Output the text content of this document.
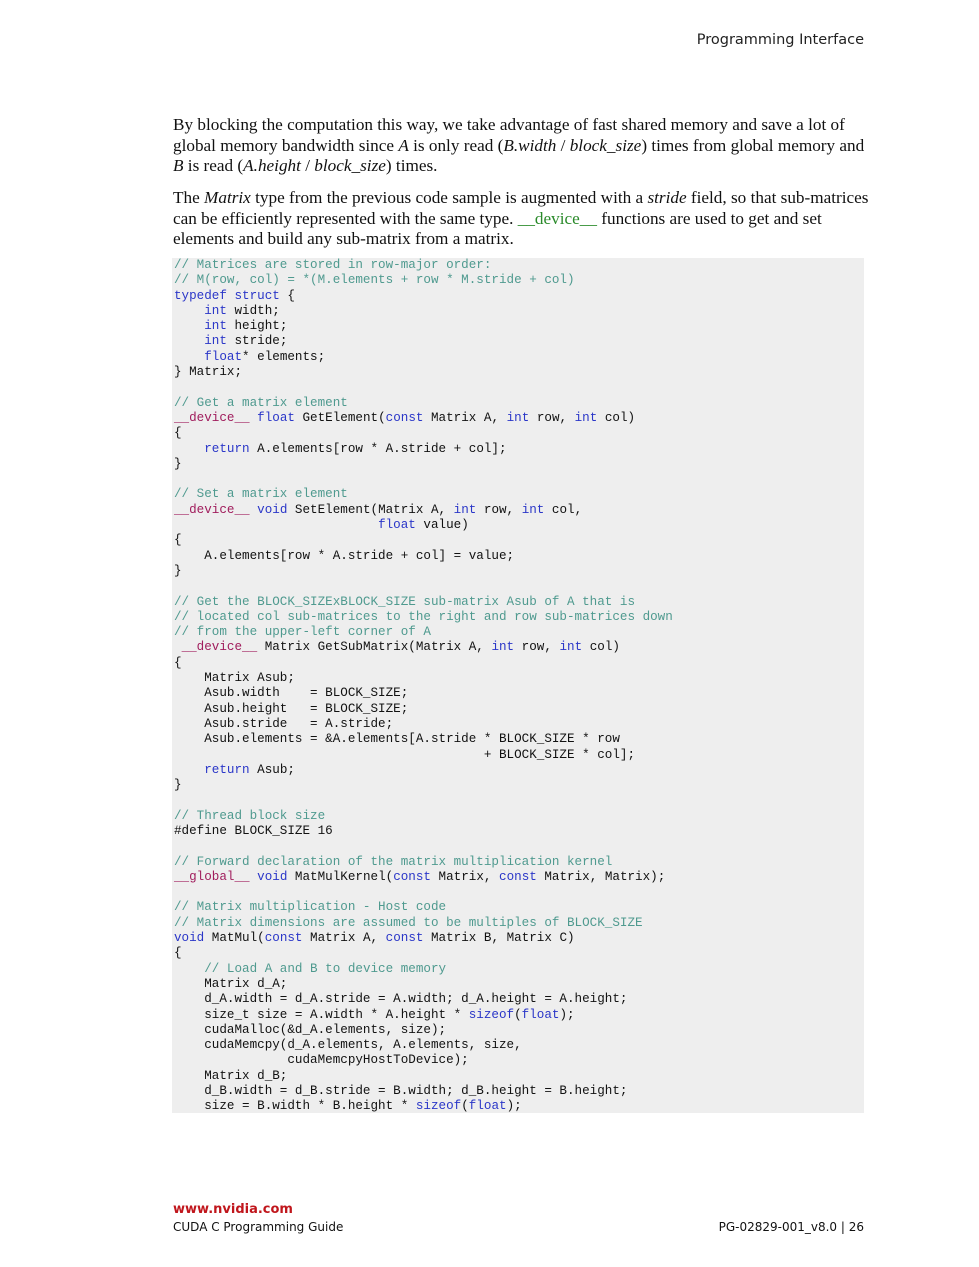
Programming Interface
By blocking the computation this way, we take advantage of fast shared memory and save a lot of global memory bandwidth since A is only read (B.width / block_size) times from global memory and B is read (A.height / block_size) times.
The Matrix type from the previous code sample is augmented with a stride field, so that sub-matrices can be efficiently represented with the same type. __device__ functions are used to get and set elements and build any sub-matrix from a matrix.
// Matrices are stored in row-major order:
// M(row, col) = *(M.elements + row * M.stride + col)
typedef struct {
int width;
int height;
int stride;
float* elements;
} Matrix;
// Get a matrix element
__device__ float GetElement(const Matrix A, int row, int col)
{
return A.elements[row * A.stride + col];
}
// Set a matrix element
__device__ void SetElement(Matrix A, int row, int col,
float value)
{
A.elements[row * A.stride + col] = value;
}
// Get the BLOCK_SIZExBLOCK_SIZE sub-matrix Asub of A that is
// located col sub-matrices to the right and row sub-matrices down
// from the upper-left corner of A
__device__ Matrix GetSubMatrix(Matrix A, int row, int col)
{
Matrix Asub;
Asub.width    = BLOCK_SIZE;
Asub.height   = BLOCK_SIZE;
Asub.stride   = A.stride;
Asub.elements = &A.elements[A.stride * BLOCK_SIZE * row
+ BLOCK_SIZE * col];
return Asub;
}
// Thread block size
#define BLOCK_SIZE 16
// Forward declaration of the matrix multiplication kernel
__global__ void MatMulKernel(const Matrix, const Matrix, Matrix);
// Matrix multiplication - Host code
// Matrix dimensions are assumed to be multiples of BLOCK_SIZE
void MatMul(const Matrix A, const Matrix B, Matrix C)
{
// Load A and B to device memory
Matrix d_A;
d_A.width = d_A.stride = A.width; d_A.height = A.height;
size_t size = A.width * A.height * sizeof(float);
cudaMalloc(&d_A.elements, size);
cudaMemcpy(d_A.elements, A.elements, size,
cudaMemcpyHostToDevice);
Matrix d_B;
d_B.width = d_B.stride = B.width; d_B.height = B.height;
size = B.width * B.height * sizeof(float);
www.nvidia.com
CUDA C Programming Guide	PG-02829-001_v8.0 | 26
